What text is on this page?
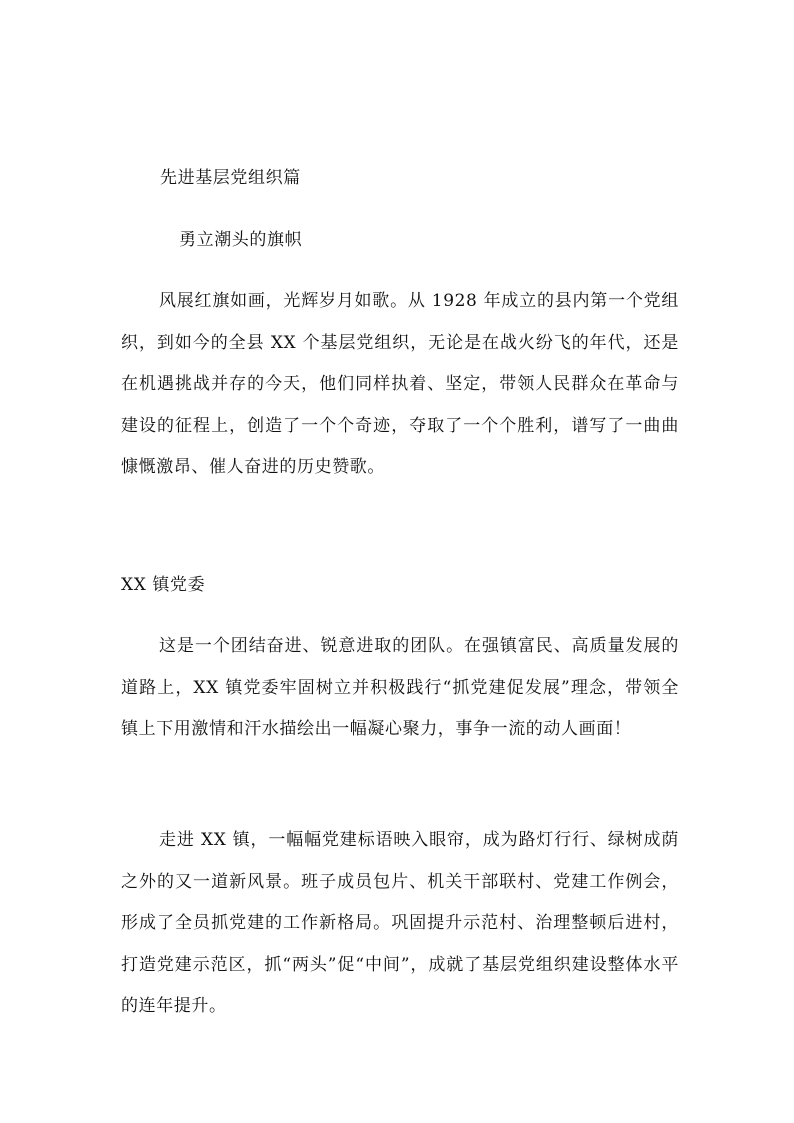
先进基层党组织篇
勇立潮头的旗帜

风展红旗如画，光辉岁月如歌。从 1928 年成立的县内第一个党组织，到如今的全县 XX 个基层党组织，无论是在战火纷飞的年代，还是在机遇挑战并存的今天，他们同样执着、坚定，带领人民群众在革命与建设的征程上，创造了一个个奇迹，夺取了一个个胜利，谱写了一曲曲慷慨激昂、催人奋进的历史赞歌。

XX 镇党委

这是一个团结奋进、锐意进取的团队。在强镇富民、高质量发展的道路上，XX 镇党委牢固树立并积极践行“抓党建促发展”理念，带领全镇上下用激情和汗水描绘出一幅凝心聚力，事争一流的动人画面！

走进 XX 镇，一幅幅党建标语映入眼帘，成为路灯行行、绿树成荫之外的又一道新风景。班子成员包片、机关干部联村、党建工作例会，形成了全员抓党建的工作新格局。巩固提升示范村、治理整顿后进村，打造党建示范区，抓“两头”促“中间”，成就了基层党组织建设整体水平的连年提升。
